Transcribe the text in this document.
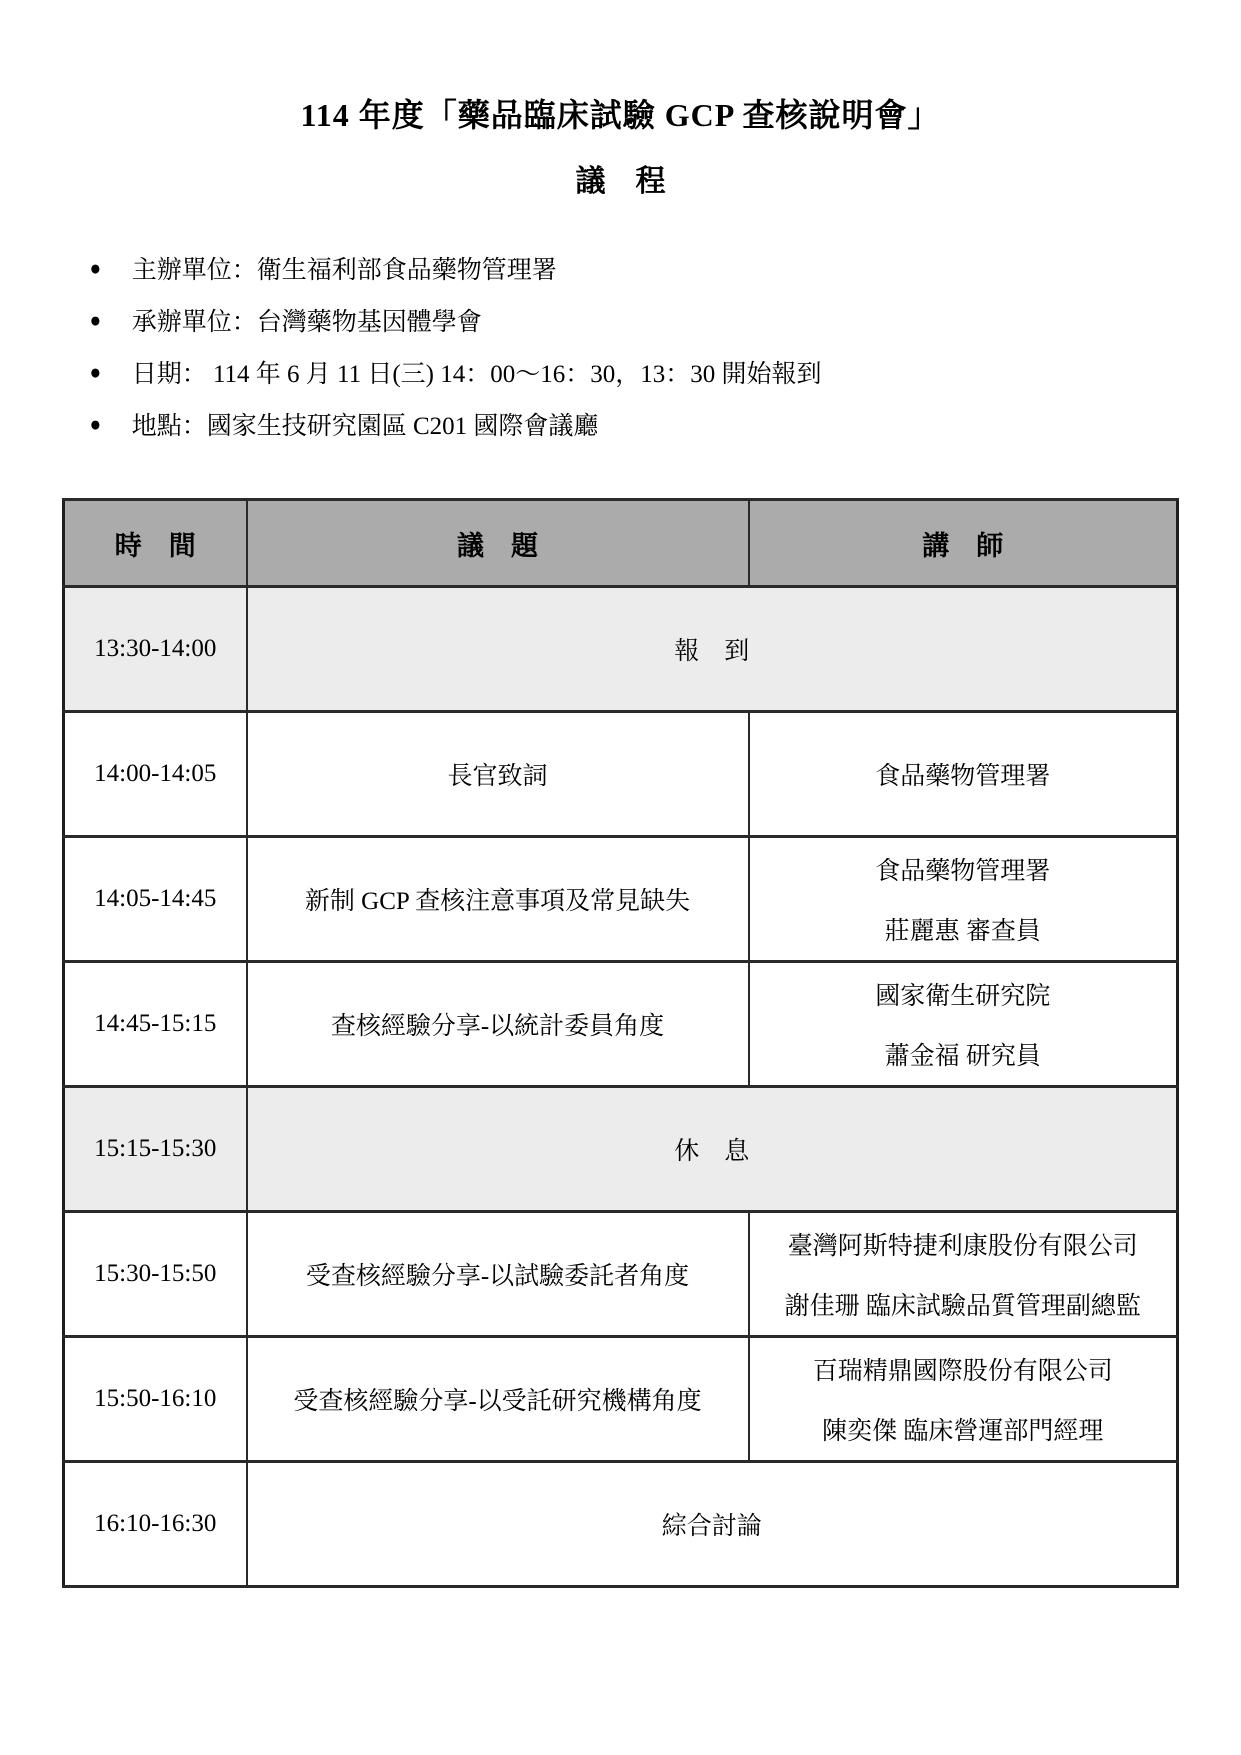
114 年度「藥品臨床試驗 GCP 查核說明會」
議　程
● 主辦單位：衛生福利部食品藥物管理署
● 承辦單位：台灣藥物基因體學會
● 日期： 114 年 6 月 11 日(三) 14：00～16：30，13：30 開始報到
● 地點：國家生技研究園區 C201 國際會議廳
時　間	議　題	講　師
13:30-14:00	報　到	
14:00-14:05	長官致詞	食品藥物管理署
14:05-14:45	新制 GCP 查核注意事項及常見缺失	食品藥物管理署
莊麗惠 審查員

14:45-15:15	查核經驗分享-以統計委員角度	國家衛生研究院
蕭金福 研究員

15:15-15:30	休　息	
15:30-15:50	受查核經驗分享-以試驗委託者角度	臺灣阿斯特捷利康股份有限公司
謝佳珊 臨床試驗品質管理副總監

15:50-16:10	受查核經驗分享-以受託研究機構角度	百瑞精鼎國際股份有限公司
陳奕傑 臨床營運部門經理

16:10-16:30	綜合討論	
